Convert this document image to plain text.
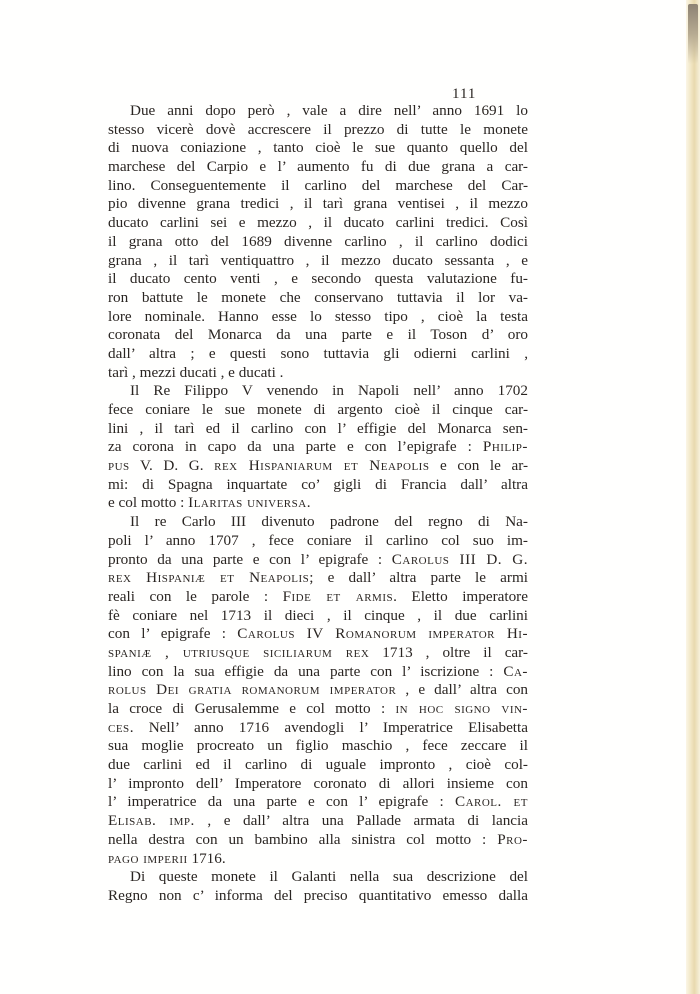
111
Due anni dopo però , vale a dire nell’ anno 1691 lo
stesso vicerè dovè accrescere il prezzo di tutte le monete
di nuova coniazione , tanto cioè le sue quanto quello del
marchese del Carpio e l’ aumento fu di due grana a car-
lino. Conseguentemente il carlino del marchese del Car-
pio divenne grana tredici , il tarì grana ventisei , il mezzo
ducato carlini sei e mezzo , il ducato carlini tredici. Così
il grana otto del 1689 divenne carlino , il carlino dodici
grana , il tarì ventiquattro , il mezzo ducato sessanta , e
il ducato cento venti , e secondo questa valutazione fu-
ron battute le monete che conservano tuttavia il lor va-
lore nominale. Hanno esse lo stesso tipo , cioè la testa
coronata del Monarca da una parte e il Toson d’ oro
dall’ altra ; e questi sono tuttavia gli odierni carlini ,
tarì , mezzi ducati , e ducati .
Il Re Filippo V venendo in Napoli nell’ anno 1702
fece coniare le sue monete di argento cioè il cinque car-
lini , il tarì ed il carlino con l’ effigie del Monarca sen-
za corona in capo da una parte e con l’epigrafe : Philip-
pus V. D. G. rex Hispaniarum et Neapolis e con le ar-
mi: di Spagna inquartate co’ gigli di Francia dall’ altra
e col motto : Ilaritas universa.
Il re Carlo III divenuto padrone del regno di Na-
poli l’ anno 1707 , fece coniare il carlino col suo im-
pronto da una parte e con l’ epigrafe : Carolus III D. G.
rex Hispaniæ et Neapolis; e dall’ altra parte le armi
reali con le parole : Fide et armis. Eletto imperatore
fè coniare nel 1713 il dieci , il cinque , il due carlini
con l’ epigrafe : Carolus IV Romanorum imperator Hi-
spaniæ , utriusque siciliarum rex 1713 , oltre il car-
lino con la sua effigie da una parte con l’ iscrizione : Ca-
rolus Dei gratia romanorum imperator , e dall’ altra con
la croce di Gerusalemme e col motto : in hoc signo vin-
ces. Nell’ anno 1716 avendogli l’ Imperatrice Elisabetta
sua moglie procreato un figlio maschio , fece zeccare il
due carlini ed il carlino di uguale impronto , cioè col-
l’ impronto dell’ Imperatore coronato di allori insieme con
l’ imperatrice da una parte e con l’ epigrafe : Carol. et
Elisab. imp. , e dall’ altra una Pallade armata di lancia
nella destra con un bambino alla sinistra col motto : Pro-
pago imperii 1716.
Di queste monete il Galanti nella sua descrizione del
Regno non c’ informa del preciso quantitativo emesso dalla
